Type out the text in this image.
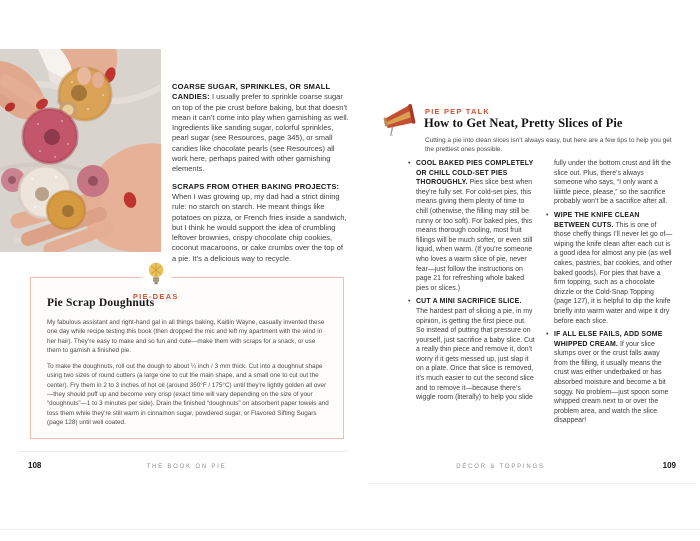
COARSE SUGAR, SPRINKLES, OR SMALL CANDIES: I usually prefer to sprinkle coarse sugar on top of the pie crust before baking, but that doesn’t mean it can’t come into play when garnishing as well. Ingredients like sanding sugar, colorful sprinkles, pearl sugar (see Resources, page 345), or small candies like chocolate pearls (see Resources) all work here, perhaps paired with other garnishing elements.

SCRAPS FROM OTHER BAKING PROJECTS: When I was growing up, my dad had a strict dining rule: no starch on starch. He meant things like potatoes on pizza, or French fries inside a sandwich, but I think he would support the idea of crumbling leftover brownies, crispy chocolate chip cookies, coconut macaroons, or cake crumbs over the top of a pie. It’s a delicious way to recycle.

PIE-DEAS
Pie Scrap Doughnuts

My fabulous assistant and right-hand gal in all things baking, Kaitlin Wayne, casually invented these one day while recipe testing this book (then dropped the mic and left my apartment with the wind in her hair). They’re easy to make and so fun and cute—make them with scraps for a snack, or use them to garnish a finished pie.

To make the doughnuts, roll out the dough to about ¼ inch / 3 mm thick. Cut into a doughnut shape using two sizes of round cutters (a large one to cut the main shape, and a small one to cut out the center). Fry them in 2 to 3 inches of hot oil (around 350°F / 175°C) until they’re lightly golden all over—they should puff up and become very crisp (exact time will vary depending on the size of your “doughnuts”—1 to 3 minutes per side). Drain the finished “doughnuts” on absorbent paper towels and toss them while they’re still warm in cinnamon sugar, powdered sugar, or Flavored Sifting Sugars (page 128) until well coated.

108	THE BOOK ON PIE
PIE PEP TALK
How to Get Neat, Pretty Slices of Pie
Cutting a pie into clean slices isn’t always easy, but here are a few tips to help you get the prettiest ones possible.

• COOL BAKED PIES COMPLETELY OR CHILL COLD-SET PIES THOROUGHLY. Pies slice best when they’re fully set. For cold-set pies, this means giving them plenty of time to chill (otherwise, the filling may still be runny or too soft). For baked pies, this means thorough cooling, most fruit fillings will be much softer, or even still liquid, when warm. (If you’re someone who loves a warm slice of pie, never fear—just follow the instructions on page 21 for refreshing whole baked pies or slices.)

• CUT A MINI SACRIFICE SLICE. The hardest part of slicing a pie, in my opinion, is getting the first piece out. So instead of putting that pressure on yourself, just sacrifice a baby slice. Cut a really thin piece and remove it, don’t worry if it gets messed up, just slap it on a plate. Once that slice is removed, it’s much easier to cut the second slice and to remove it—because there’s wiggle room (literally) to help you slide

fully under the bottom crust and lift the slice out. Plus, there’s always someone who says, “I only want a liiiittle piece, please,” so the sacrifice probably won’t be a sacrifice after all.

• WIPE THE KNIFE CLEAN BETWEEN CUTS. This is one of those cheffy things I’ll never let go of—wiping the knife clean after each cut is a good idea for almost any pie (as well cakes, pastries, bar cookies, and other baked goods). For pies that have a firm topping, such as a chocolate drizzle or the Cold-Snap Topping (page 127), it is helpful to dip the knife briefly into warm water and wipe it dry before each slice.

• IF ALL ELSE FAILS, ADD SOME WHIPPED CREAM. If your slice slumps over or the crust falls away from the filling, it usually means the crust was either underbaked or has absorbed moisture and become a bit soggy. No problem—just spoon some whipped cream next to or over the problem area, and watch the slice disappear!

DÉCOR & TOPPINGS	109
